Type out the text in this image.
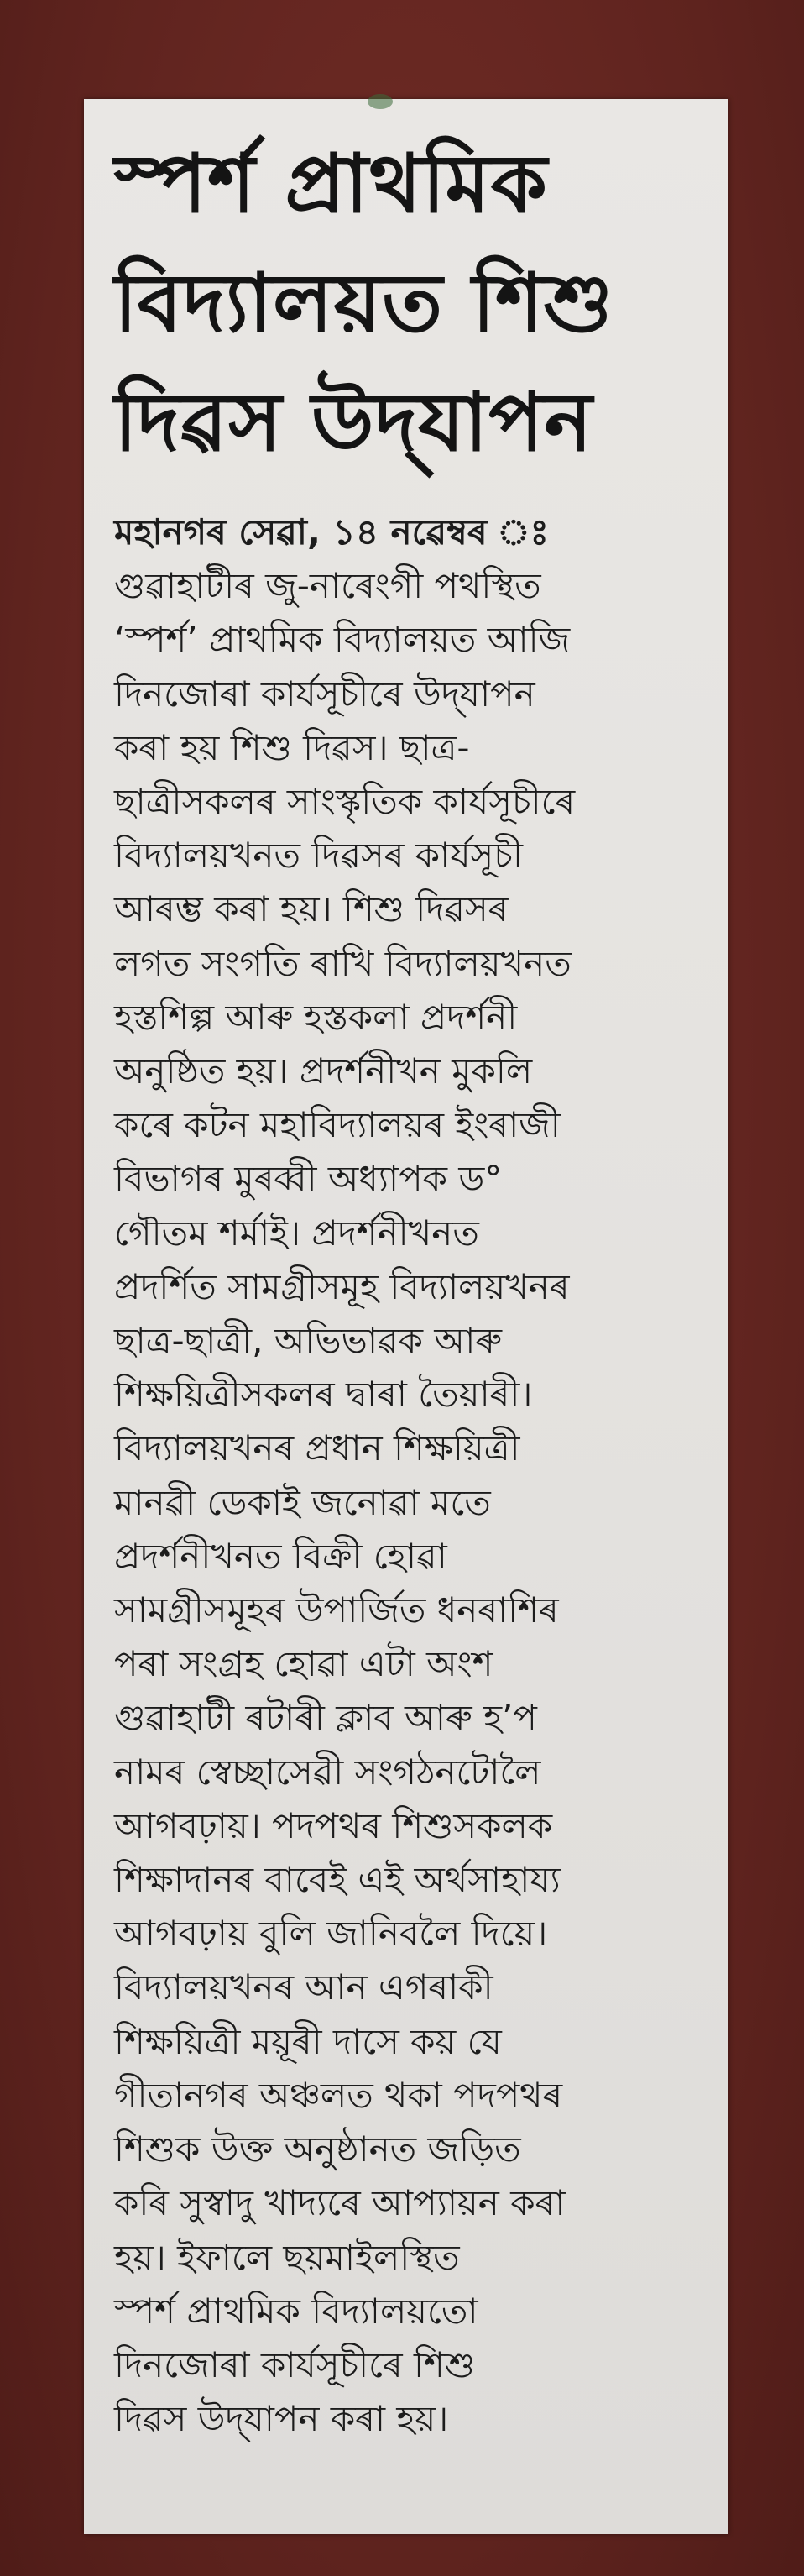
স্পর্শ প্ৰাথমিক
বিদ্যালয়ত শিশু
দিৱস উদ্‌যাপন
মহানগৰ সেৱা, ১৪ নৱেম্বৰ ঃ
গুৱাহাটীৰ জু-নাৰেংগী পথস্থিত
‘স্পৰ্শ’ প্ৰাথমিক বিদ্যালয়ত আজি
দিনজোৰা কাৰ্যসূচীৰে উদ্‌যাপন
কৰা হয় শিশু দিৱস। ছাত্ৰ-
ছাত্ৰীসকলৰ সাংস্কৃতিক কাৰ্যসূচীৰে
বিদ্যালয়খনত দিৱসৰ কাৰ্যসূচী
আৰম্ভ কৰা হয়। শিশু দিৱসৰ
লগত সংগতি ৰাখি বিদ্যালয়খনত
হস্তশিল্প আৰু হস্তকলা প্ৰদৰ্শনী
অনুষ্ঠিত হয়। প্ৰদৰ্শনীখন মুকলি
কৰে কটন মহাবিদ্যালয়ৰ ইংৰাজী
বিভাগৰ মুৰব্বী অধ্যাপক ড°
গৌতম শৰ্মাই। প্ৰদৰ্শনীখনত
প্ৰদৰ্শিত সামগ্ৰীসমূহ বিদ্যালয়খনৰ
ছাত্ৰ-ছাত্ৰী, অভিভাৱক আৰু
শিক্ষয়িত্ৰীসকলৰ দ্বাৰা তৈয়াৰী।
বিদ্যালয়খনৰ প্ৰধান শিক্ষয়িত্ৰী
মানৱী ডেকাই জনোৱা মতে
প্ৰদৰ্শনীখনত বিক্ৰী হোৱা
সামগ্ৰীসমূহৰ উপাৰ্জিত ধনৰাশিৰ
পৰা সংগ্ৰহ হোৱা এটা অংশ
গুৱাহাটী ৰটাৰী ক্লাব আৰু হ’প
নামৰ স্বেচ্ছাসেৱী সংগঠনটোলৈ
আগবঢ়ায়। পদপথৰ শিশুসকলক
শিক্ষাদানৰ বাবেই এই অৰ্থসাহায্য
আগবঢ়ায় বুলি জানিবলৈ দিয়ে।
বিদ্যালয়খনৰ আন এগৰাকী
শিক্ষয়িত্ৰী ময়ূৰী দাসে কয় যে
গীতানগৰ অঞ্চলত থকা পদপথৰ
শিশুক উক্ত অনুষ্ঠানত জড়িত
কৰি সুস্বাদু খাদ্যৰে আপ্যায়ন কৰা
হয়। ইফালে ছয়মাইলস্থিত
স্পৰ্শ প্ৰাথমিক বিদ্যালয়তো
দিনজোৰা কাৰ্যসূচীৰে শিশু
দিৱস উদ্‌যাপন কৰা হয়।
